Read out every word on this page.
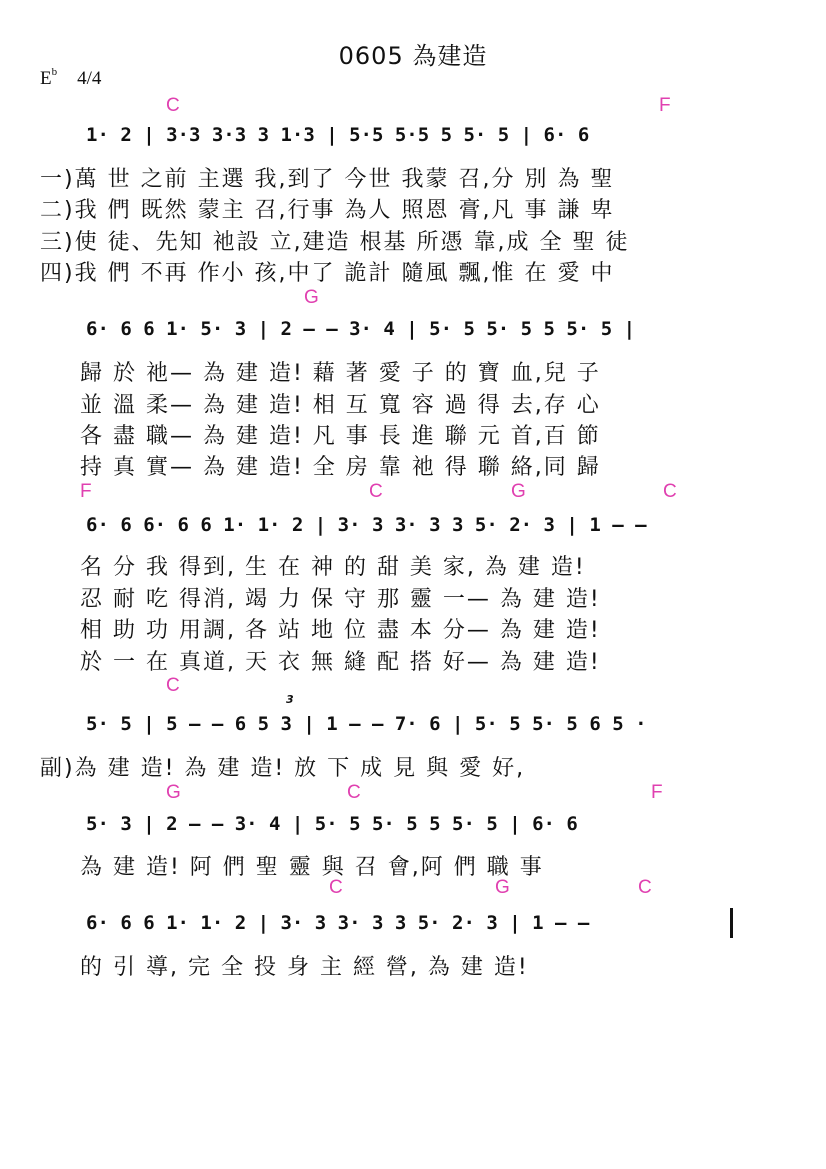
0605 為建造
$E^b$ 4/4
C	F
1· 2 | 3·3 3·3 3 1·3 | 5·5 5·5 5 5· 5 | 6· 6
一)萬 世 之前 主選 我,到了 今世 我蒙 召,分 別 為 聖
二)我 們 既然 蒙主 召,行事 為人 照恩 膏,凡 事 謙 卑
三)使 徒、先知 祂設 立,建造 根基 所憑 靠,成 全 聖 徒
四)我 們 不再 作小 孩,中了 詭計 隨風 飄,惟 在 愛 中
G
6· 6 6 1· 5· 3 | 2 — — 3· 4 | 5· 5 5· 5 5 5· 5 |
歸 於 祂— 為 建 造! 藉 著 愛 子 的 寶 血,兒 子
並 溫 柔— 為 建 造! 相 互 寬 容 過 得 去,存 心
各 盡 職— 為 建 造! 凡 事 長 進 聯 元 首,百 節
持 真 實— 為 建 造! 全 房 靠 祂 得 聯 絡,同 歸
F	C	G	C
6· 6 6· 6 6 1· 1· 2 | 3· 3 3· 3 3 5· 2· 3 | 1 — —
名 分 我 得到, 生 在 神 的 甜 美 家, 為 建 造!
忍 耐 吃 得消, 竭 力 保 守 那 靈 一— 為 建 造!
相 助 功 用調, 各 站 地 位 盡 本 分— 為 建 造!
於 一 在 真道, 天 衣 無 縫 配 搭 好— 為 建 造!
C
3
5· 5 | 5 — — 6 5 3 | 1 — — 7· 6 | 5· 5 5· 5 6 5 ·
副)為 建 造! 為 建 造! 放 下 成 見 與 愛 好,
G	C	F
5· 3 | 2 — — 3· 4 | 5· 5 5· 5 5 5· 5 | 6· 6
為 建 造! 阿 們 聖 靈 與 召 會,阿 們 職 事
C	G	C
6· 6 6 1· 1· 2 | 3· 3 3· 3 3 5· 2· 3 | 1 — —
的 引 導, 完 全 投 身 主 經 營, 為 建 造!
